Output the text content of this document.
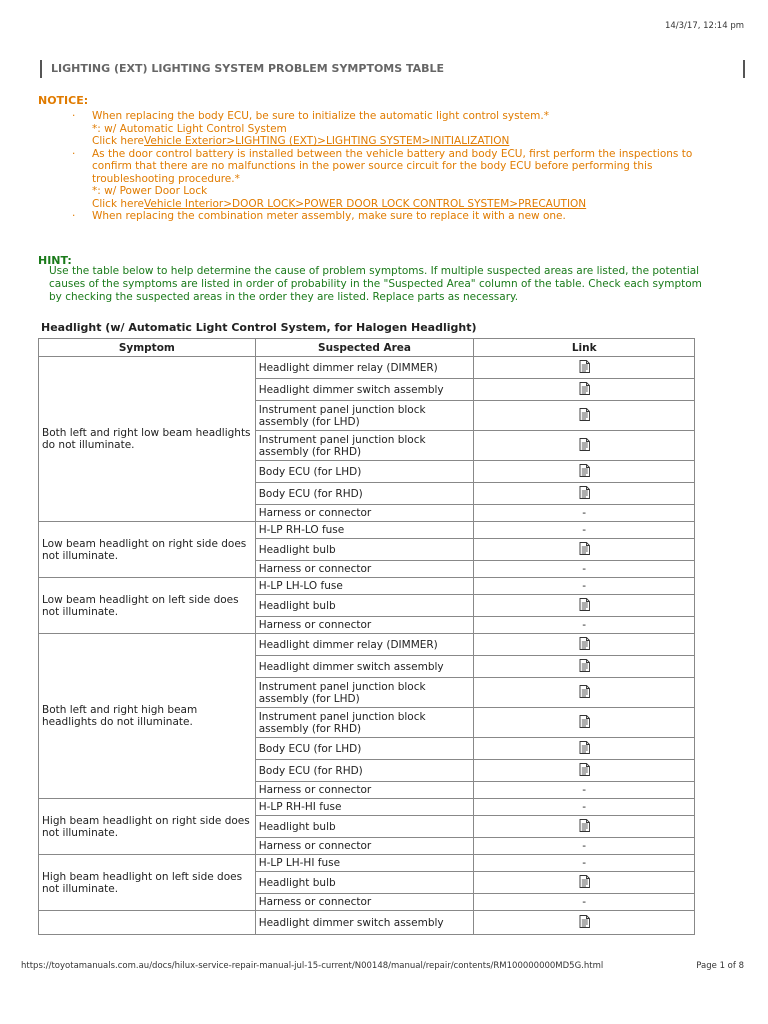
14/3/17, 12:14 pm
LIGHTING (EXT) LIGHTING SYSTEM PROBLEM SYMPTOMS TABLE
NOTICE:
· When replacing the body ECU, be sure to initialize the automatic light control system.*
*: w/ Automatic Light Control System
Click hereVehicle Exterior>LIGHTING (EXT)>LIGHTING SYSTEM>INITIALIZATION
· As the door control battery is installed between the vehicle battery and body ECU, first perform the inspections to confirm that there are no malfunctions in the power source circuit for the body ECU before performing this troubleshooting procedure.*
*: w/ Power Door Lock
Click hereVehicle Interior>DOOR LOCK>POWER DOOR LOCK CONTROL SYSTEM>PRECAUTION
· When replacing the combination meter assembly, make sure to replace it with a new one.
HINT:
Use the table below to help determine the cause of problem symptoms. If multiple suspected areas are listed, the potential causes of the symptoms are listed in order of probability in the "Suspected Area" column of the table. Check each symptom by checking the suspected areas in the order they are listed. Replace parts as necessary.
Headlight (w/ Automatic Light Control System, for Halogen Headlight)
Symptom	Suspected Area	Link
Both left and right low beam headlights do not illuminate.	Headlight dimmer relay (DIMMER)	
	Headlight dimmer switch assembly	
	Instrument panel junction block assembly (for LHD)	
	Instrument panel junction block assembly (for RHD)	
	Body ECU (for LHD)	
	Body ECU (for RHD)	
	Harness or connector	-
Low beam headlight on right side does not illuminate.	H-LP RH-LO fuse	-
	Headlight bulb	
	Harness or connector	-
Low beam headlight on left side does not illuminate.	H-LP LH-LO fuse	-
	Headlight bulb	
	Harness or connector	-
Both left and right high beam headlights do not illuminate.	Headlight dimmer relay (DIMMER)	
	Headlight dimmer switch assembly	
	Instrument panel junction block assembly (for LHD)	
	Instrument panel junction block assembly (for RHD)	
	Body ECU (for LHD)	
	Body ECU (for RHD)	
	Harness or connector	-
High beam headlight on right side does not illuminate.	H-LP RH-HI fuse	-
	Headlight bulb	
	Harness or connector	-
High beam headlight on left side does not illuminate.	H-LP LH-HI fuse	-
	Headlight bulb	
	Harness or connector	-
	Headlight dimmer switch assembly	
https://toyotamanuals.com.au/docs/hilux-service-repair-manual-jul-15-current/N00148/manual/repair/contents/RM100000000MD5G.html	Page 1 of 8
